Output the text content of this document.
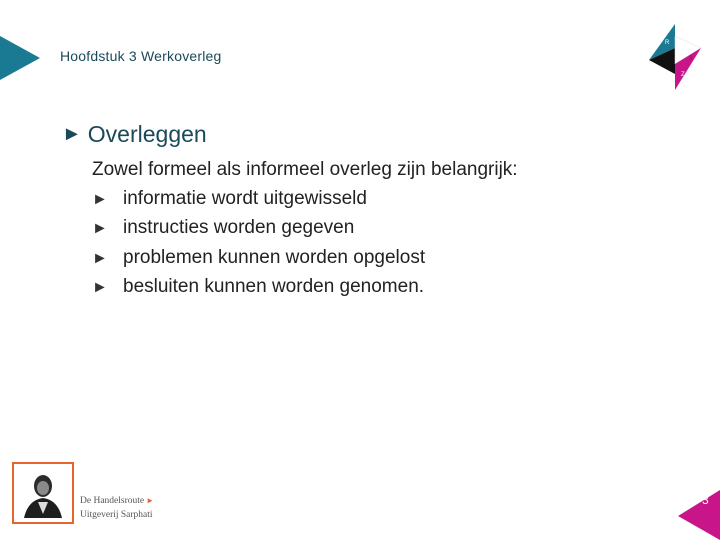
Hoofdstuk 3 Werkoverleg
R
3
Z
► Overleggen
Zowel formeel als informeel overleg zijn belangrijk:
► informatie wordt uitgewisseld
► instructies worden gegeven
► problemen kunnen worden opgelost
► besluiten kunnen worden genomen.
De Handelsroute ►
Uitgeverij Sarphati
3
